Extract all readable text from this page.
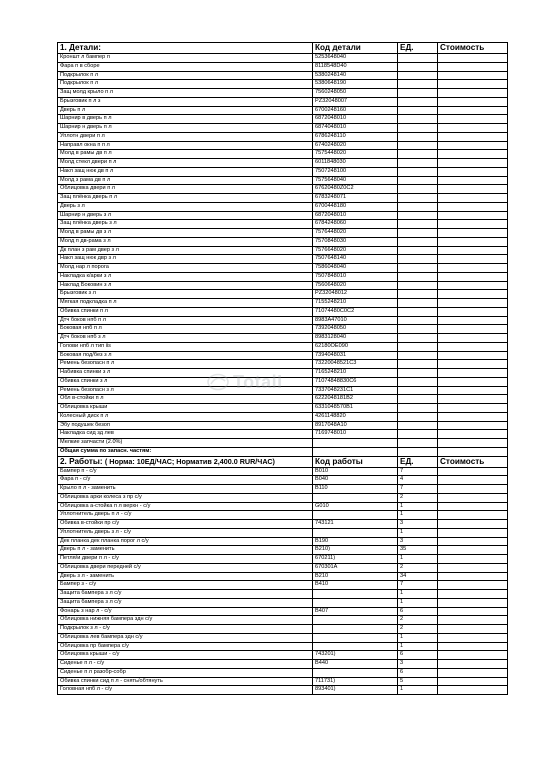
1. Детали:	Код детали	ЕД.	Стоимость
Кроншт л бампер п	5253648040		
Фара п в сборе	8118548D40		
Подкрылок п л	5380248140		
Подкрылок п л	5380648190		
Защ молд крыло п л	7560248050		
Брызговик п л з	PZ32048007		
Дверь п л	6700248160		
Шарнир в дверь п л	6872048010		
Шарнир н дверь п л	6874048010		
Уплотн двери п л	6786248110		
Направл окна п п л	6740248020		
Молд в рамы дв п л	7575448020		
Молд стекл двери п л	6011848030		
Накл защ нюк дв п л	7507248100		
Молд з рама дв п л	7575648040		
Облицовка двери п л	67620480Z0C2		
Защ плёнка дверь п л	6783248071		
Дверь з л	6700448180		
Шарнир н дверь з л	6872048010		
Защ плёнка дверь з л	6784248060		
Молд в рамы дв з л	7576448020		
Молд п дв-рама з л	7570848030		
Дк план з рам двер з л	7576648020		
Накл защ нюк двр з л	7507648140		
Молд нар л порога	7586048040		
Накладка к/арки з л	7507848010		
Наклад Боковин з л	7560648020		
Брызговик з л	PZ32048012		
Мягкая подкладка п л	7155248210		
Обивка спинки п л	71074480C0C2		
Дтч боков нпб п л	8983A47010		
Боковая нпб п л	7392048050		
Дтч боков нпб з л	8983128040		
Голови нпб л тип iis	62180OE090		
Боковая под/без з л	7394048031		
Ремень безопасн п л	73220048521C3		
Набивка спинки з л	7165248210		
Обивка спинки з л	71074848830C6		
Ремень безопасн з л	7337048231C1		
Обл в-стойки п л	6222048181B2		
Облицовка крыши	6331048570B1		
Колесный диск п л	4261148820		
Эбу подушек безоп	8917048A10		
Накладка сид зд лев	7169748010		
Мелкие запчасти (2.0%)			
Общая сумма по запасн. частям:			
2. Работы: ( Норма: 10ЕД/ЧАС; Норматив 2,400.0 RUR/ЧАС)	Код работы	ЕД.	Стоимость
Бампер п - с/у	B010	7	
Фара п - с/у	B040	4	
Крыло п л - заменить	B110	7	
Облицовка арки колеса з пр с/у		2	
Облицовка а-стойка п л верхн - с/у	G010	1	
Уплотнитель дверь п л - с/у		1	
Обивка в-стойки пр с/у	743121	3	
Уплотнитель дверь з л - с/у		1	
Дек планка дек планка порог л с/у	B190	3	
Дверь п л - заменить	B210)	35	
Петля/и двери п л - с/у	670211)	1	
Облицовка двери передней с/у	670301A	2	
Дверь з л - заменить	B210	34	
Бампер з - с/у	B410	7	
Защита бампера з л с/у		1	
Защита бампера з л с/у		1	
Фонарь з нар л - с/у	B407	6	
Облицовка нижняя бампера здн с/у		2	
Подкрылок з л - с/у		2	
Облицовка лев бампера здн с/у		1	
Облицовка пр бампера с/у		1	
Облицовка крыши - с/у	743201)	6	
Сиденье п л - с/у	B440	3	
Сиденье п л разобр-собр		6	
Обивка спинки сид п л - снять/обтянуть	711731)	5	
Головная нпб л - с/у	893401)	1	
TotalI
